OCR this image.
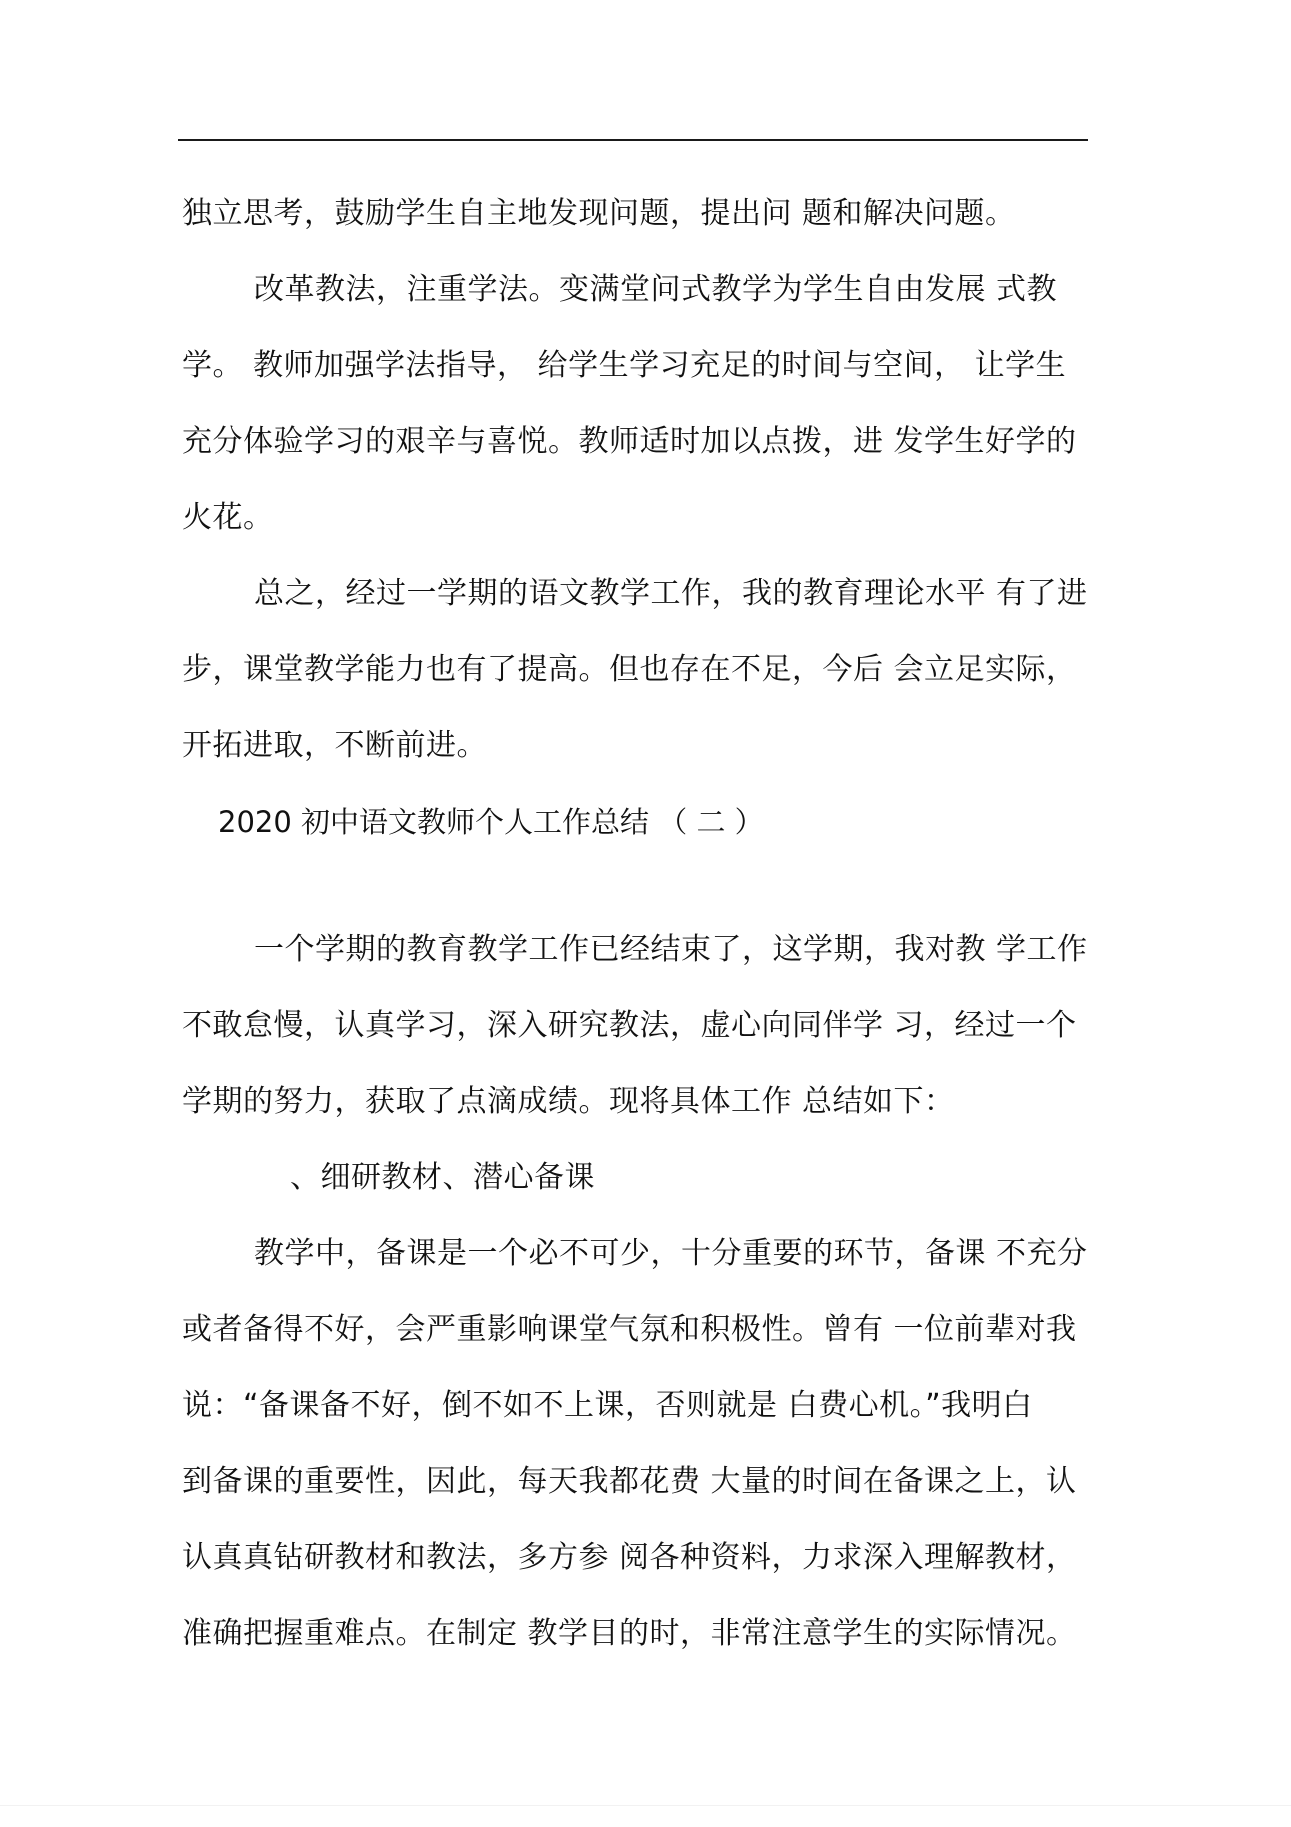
独立思考，鼓励学生自主地发现问题，提出问 题和解决问题。
改革教法，注重学法。变满堂问式教学为学生自由发展 式教
学。 教师加强学法指导， 给学生学习充足的时间与空间， 让学生
充分体验学习的艰辛与喜悦。教师适时加以点拨，进 发学生好学的
火花。
总之，经过一学期的语文教学工作，我的教育理论水平 有了进
步，课堂教学能力也有了提高。但也存在不足，今后 会立足实际，
开拓进取，不断前进。
2020 初中语文教师个人工作总结 （ 二 ）
一个学期的教育教学工作已经结束了，这学期，我对教 学工作
不敢怠慢，认真学习，深入研究教法，虚心向同伴学 习，经过一个
学期的努力，获取了点滴成绩。现将具体工作 总结如下：
、细研教材、潜心备课
教学中，备课是一个必不可少，十分重要的环节，备课 不充分
或者备得不好，会严重影响课堂气氛和积极性。曾有 一位前辈对我
说：“备课备不好，倒不如不上课，否则就是 白费心机。”我明白
到备课的重要性，因此，每天我都花费 大量的时间在备课之上，认
认真真钻研教材和教法，多方参 阅各种资料，力求深入理解教材，
准确把握重难点。在制定 教学目的时，非常注意学生的实际情况。
